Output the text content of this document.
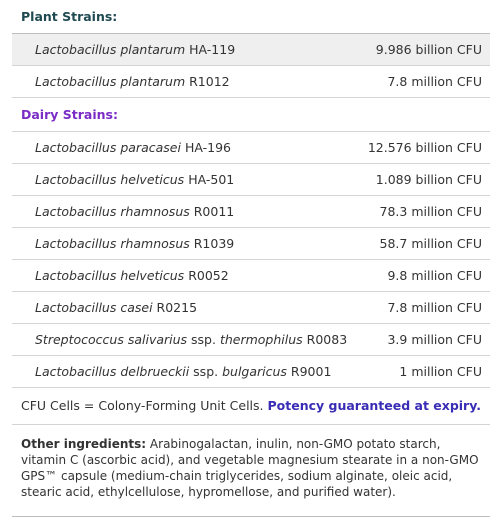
Plant Strains:
Lactobacillus plantarum HA-119	9.986 billion CFU
Lactobacillus plantarum R1012	7.8 million CFU
Dairy Strains:
Lactobacillus paracasei HA-196	12.576 billion CFU
Lactobacillus helveticus HA-501	1.089 billion CFU
Lactobacillus rhamnosus R0011	78.3 million CFU
Lactobacillus rhamnosus R1039	58.7 million CFU
Lactobacillus helveticus R0052	9.8 million CFU
Lactobacillus casei R0215	7.8 million CFU
Streptococcus salivarius ssp. thermophilus R0083	3.9 million CFU
Lactobacillus delbrueckii ssp. bulgaricus R9001	1 million CFU
CFU Cells = Colony-Forming Unit Cells. Potency guaranteed at expiry.
Other ingredients: Arabinogalactan, inulin, non-GMO potato starch, vitamin C (ascorbic acid), and vegetable magnesium stearate in a non-GMO GPS™ capsule (medium-chain triglycerides, sodium alginate, oleic acid, stearic acid, ethylcellulose, hypromellose, and purified water).
